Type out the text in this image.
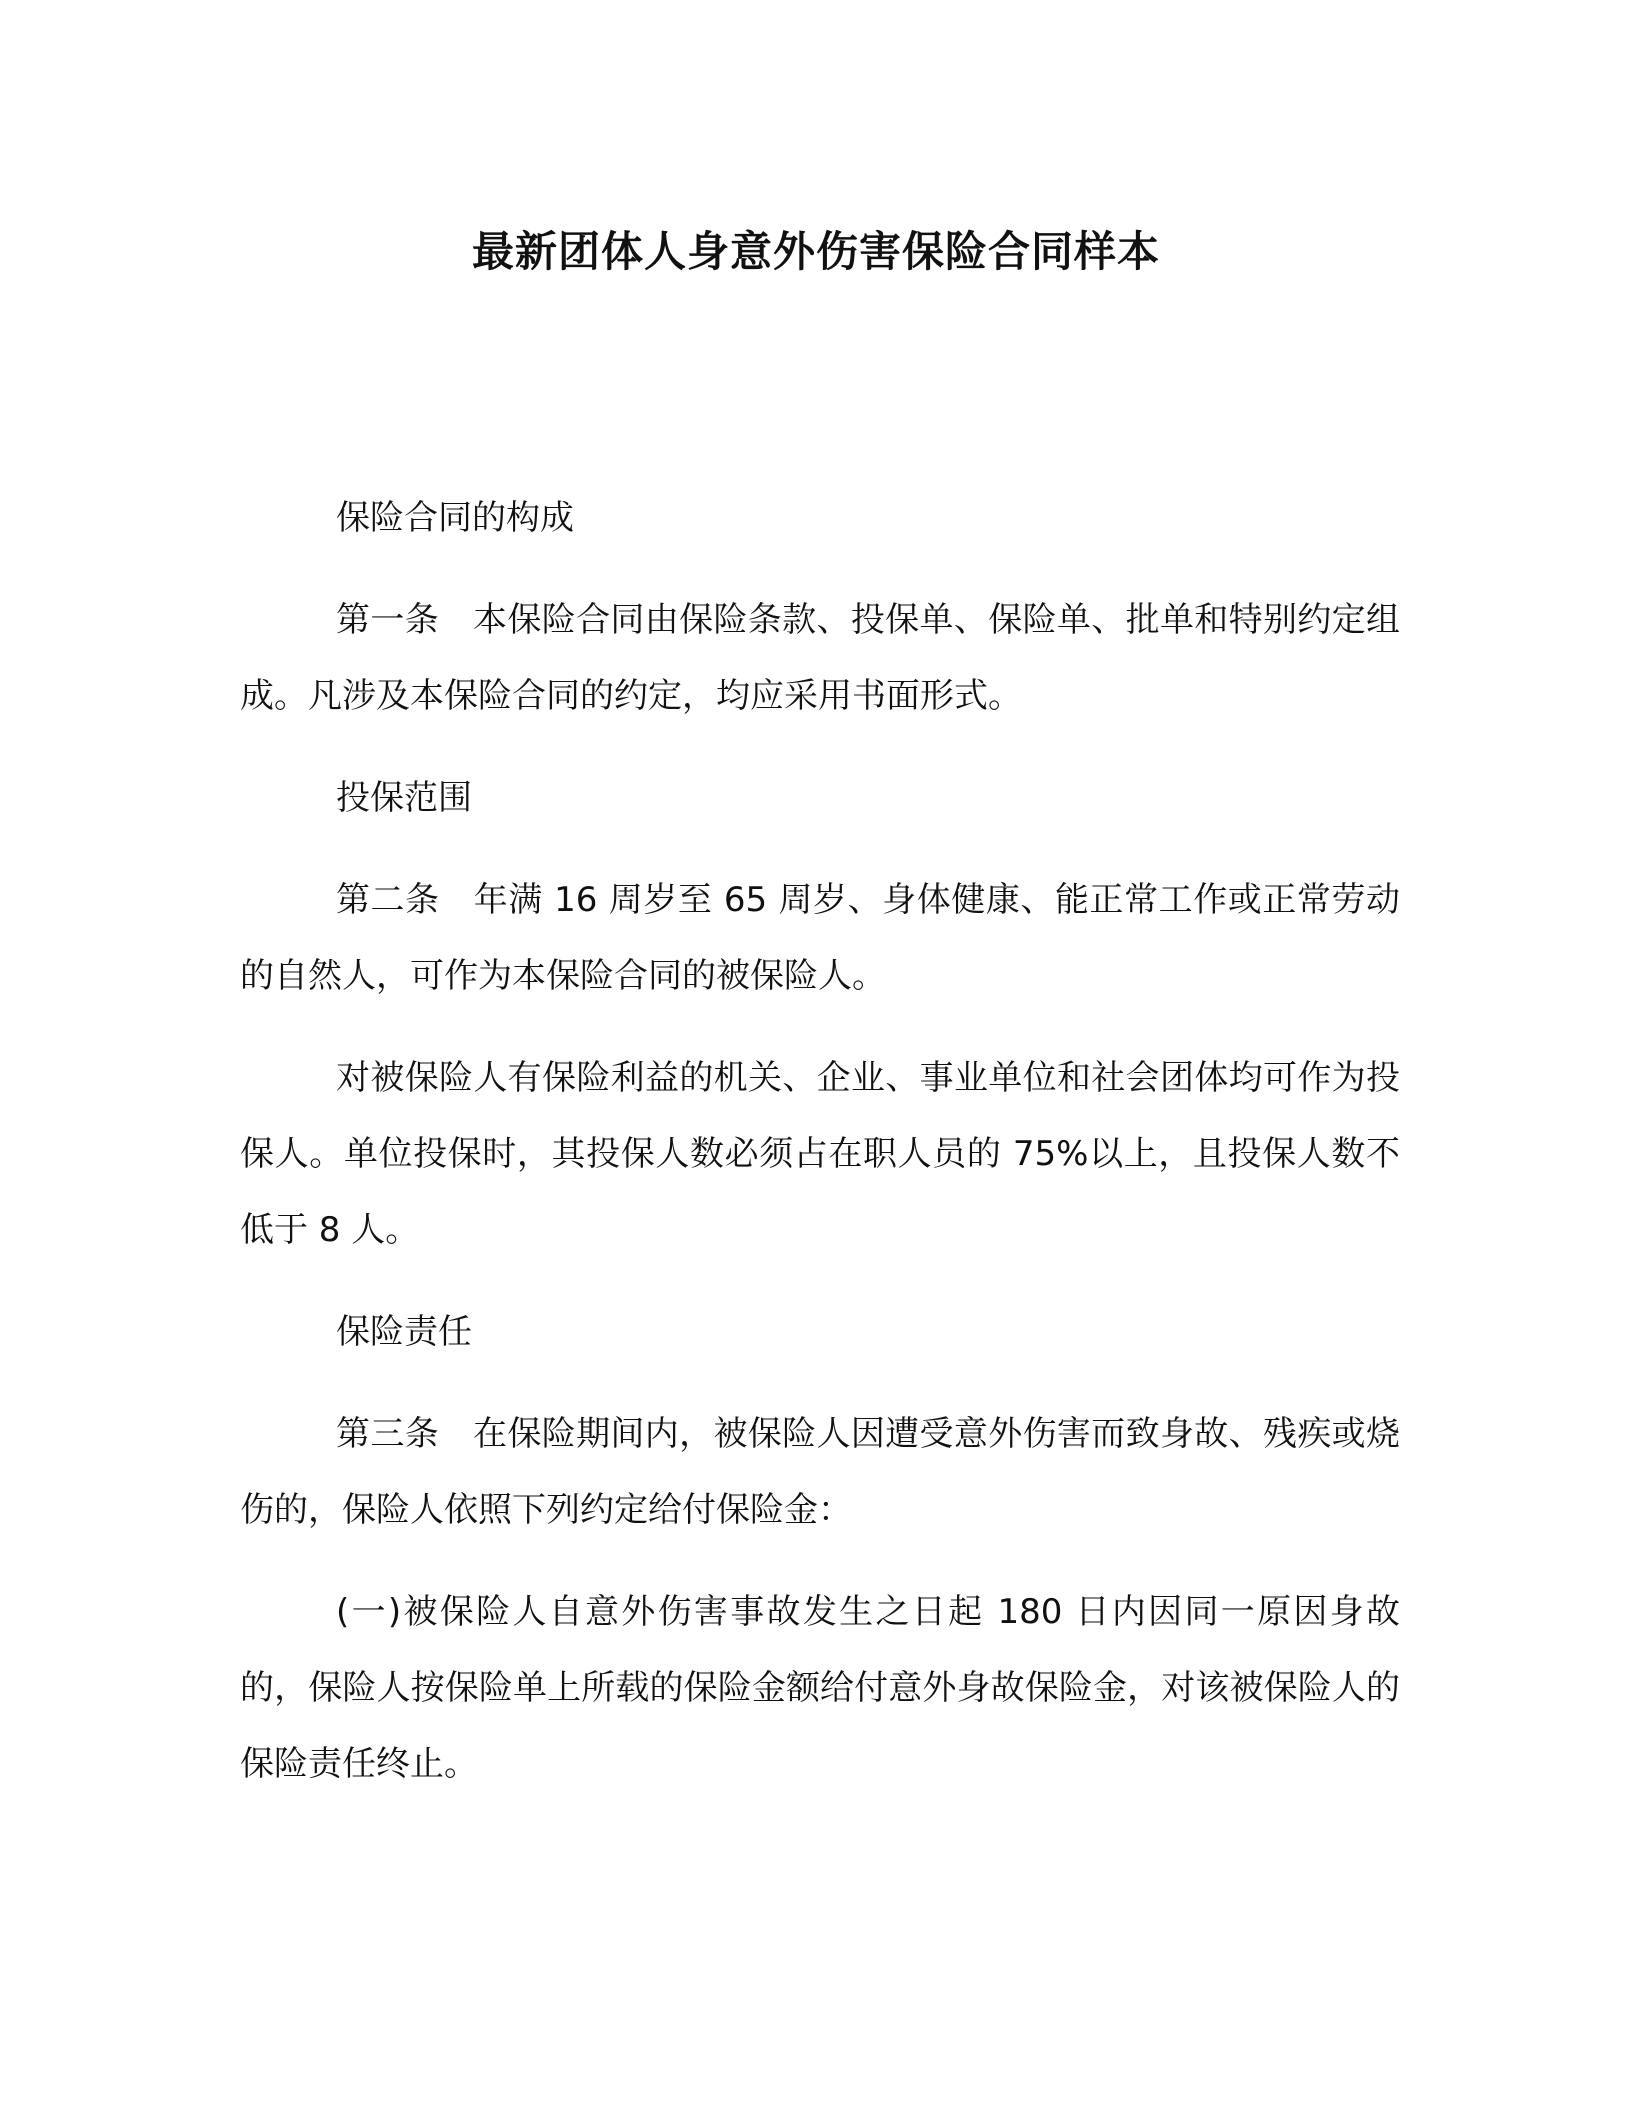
最新团体人身意外伤害保险合同样本

保险合同的构成

第一条 本保险合同由保险条款、投保单、保险单、批单和特别约定组成。凡涉及本保险合同的约定，均应采用书面形式。

投保范围

第二条 年满 16 周岁至 65 周岁、身体健康、能正常工作或正常劳动的自然人，可作为本保险合同的被保险人。

对被保险人有保险利益的机关、企业、事业单位和社会团体均可作为投保人。单位投保时，其投保人数必须占在职人员的 75%以上，且投保人数不低于 8 人。

保险责任

第三条 在保险期间内，被保险人因遭受意外伤害而致身故、残疾或烧伤的，保险人依照下列约定给付保险金：

(一)被保险人自意外伤害事故发生之日起 180 日内因同一原因身故的，保险人按保险单上所载的保险金额给付意外身故保险金，对该被保险人的保险责任终止。
